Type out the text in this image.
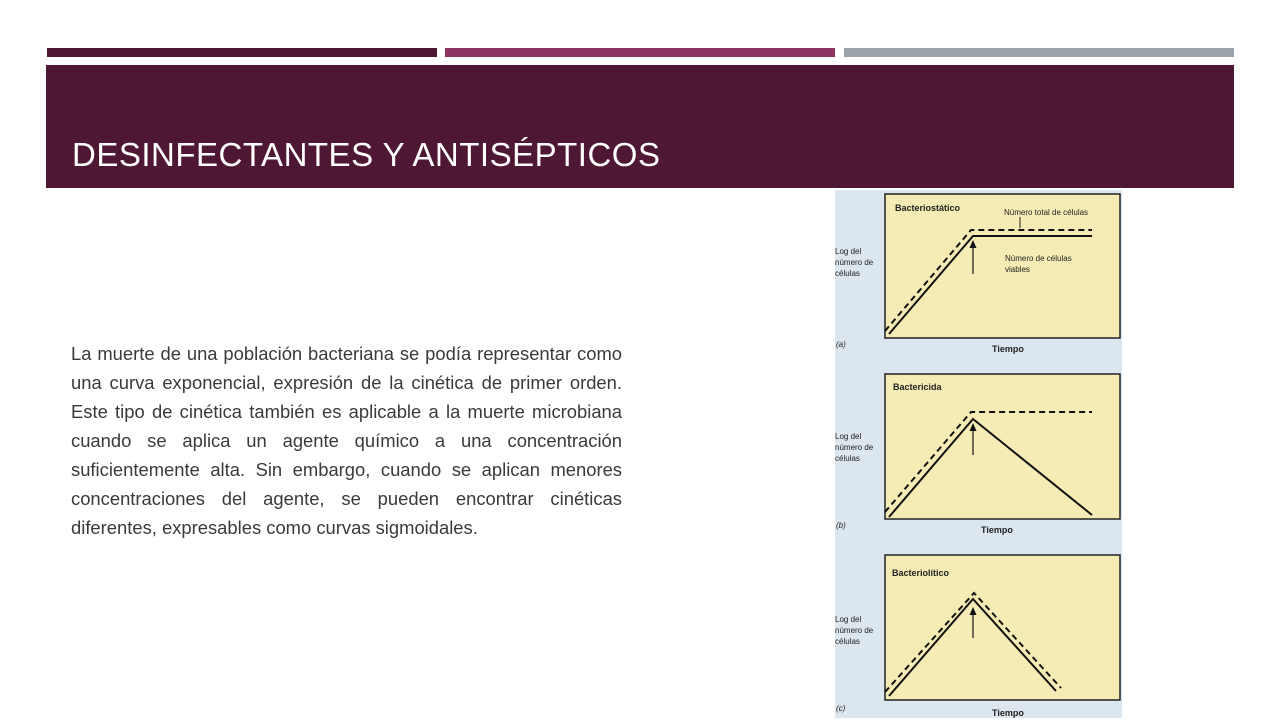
DESINFECTANTES Y ANTISÉPTICOS

La muerte de una población bacteriana se podía representar como una curva exponencial, expresión de la cinética de primer orden. Este tipo de cinética también es aplicable a la muerte microbiana cuando se aplica un agente químico a una concentración suficientemente alta. Sin embargo, cuando se aplican menores concentraciones del agente, se pueden encontrar cinéticas diferentes, expresables como curvas sigmoidales.

Bacteriostático	Número total de células
Número de células
viables
Log del
número de
células
(a)	Tiempo
Bactericida
Log del
número de
células
(b)	Tiempo
Bacteriolítico
Log del
número de
células
(c)	Tiempo
